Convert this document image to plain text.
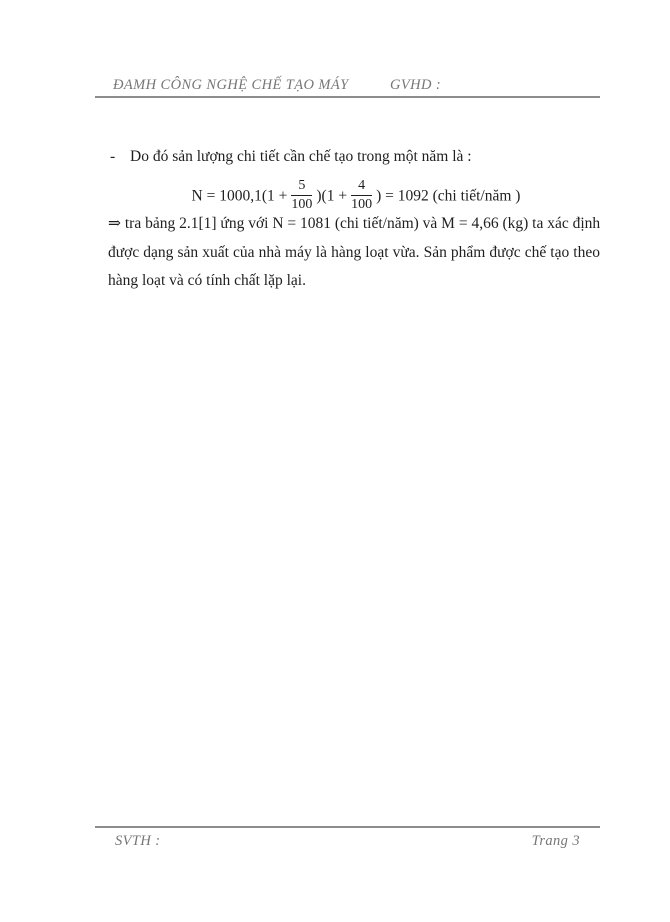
ĐAMH CÔNG NGHỆ CHẾ TẠO MÁY	GVHD :
- Do đó sản lượng chi tiết cần chế tạo trong một năm là :
$N = 1000,1(1 + \frac{5}{100} )(1 + \frac{4}{100}$ ) = 1092 (chi tiết/năm )
⇒ tra bảng 2.1[1] ứng với N = 1081 (chi tiết/năm) và M = 4,66 (kg) ta xác định
được dạng sản xuất của nhà máy là hàng loạt vừa. Sản phẩm được chế tạo theo
hàng loạt và có tính chất lặp lại.
SVTH :	Trang 3
